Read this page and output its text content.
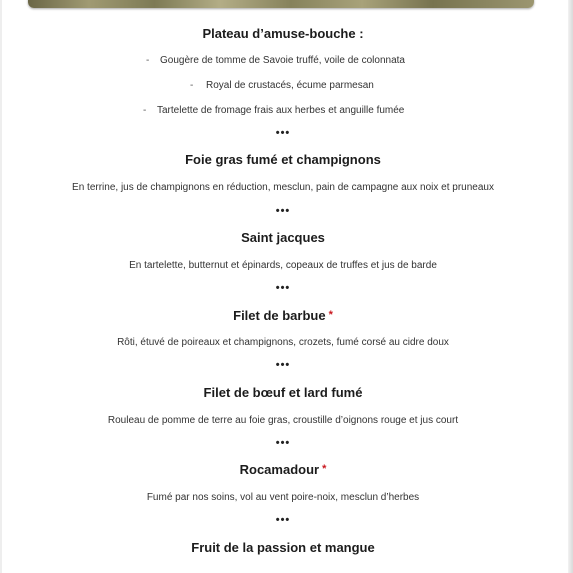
Plateau d’amuse-bouche :
- Gougère de tomme de Savoie truffé, voile de colonnata
- Royal de crustacés, écume parmesan
- Tartelette de fromage frais aux herbes et anguille fumée
•••
Foie gras fumé et champignons
En terrine, jus de champignons en réduction, mesclun, pain de campagne aux noix et pruneaux
•••
Saint jacques
En tartelette, butternut et épinards, copeaux de truffes et jus de barde
•••
Filet de barbue *
Rôti, étuvé de poireaux et champignons, crozets, fumé corsé au cidre doux
•••
Filet de bœuf et lard fumé
Rouleau de pomme de terre au foie gras, croustille d’oignons rouge et jus court
•••
Rocamadour *
Fumé par nos soins, vol au vent poire-noix, mesclun d’herbes
•••
Fruit de la passion et mangue
